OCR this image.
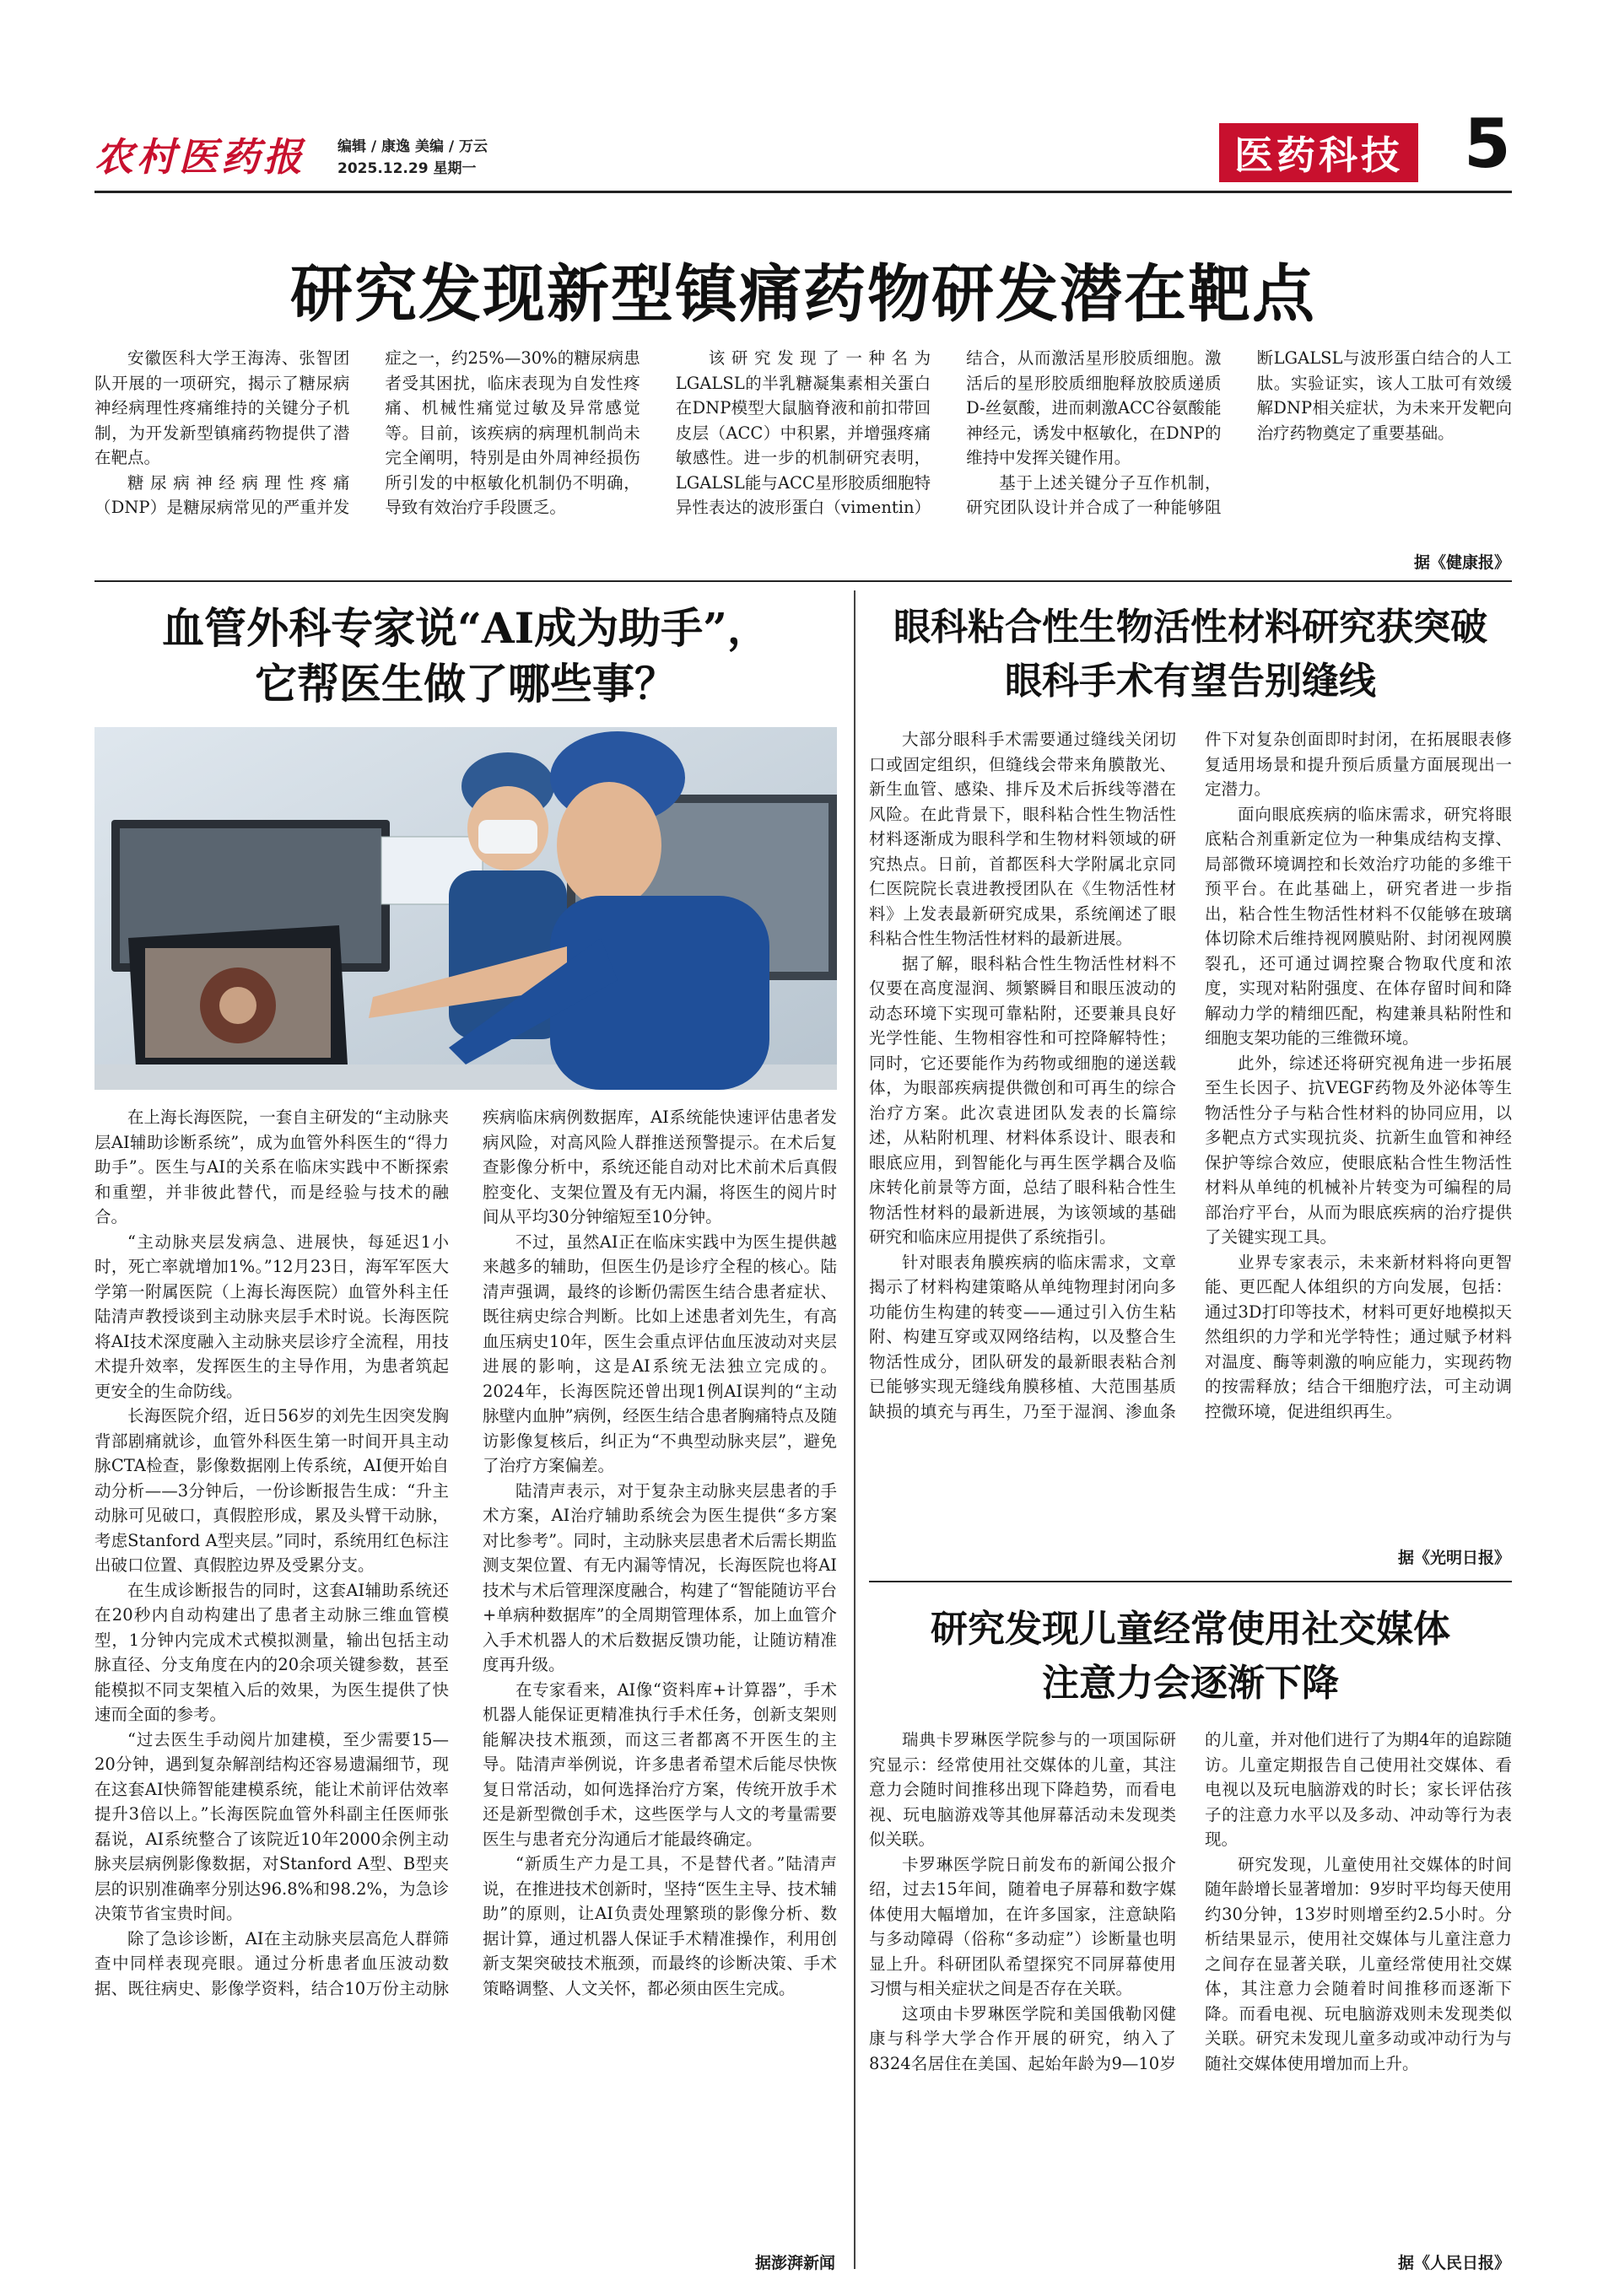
农村医药报 编辑 / 康逸 美编 / 万云
2025.12.29 星期一	医药科技 5
研究发现新型镇痛药物研发潜在靶点

安徽医科大学王海涛、张智团队开展的一项研究，揭示了糖尿病神经病理性疼痛维持的关键分子机制，为开发新型镇痛药物提供了潜在靶点。

糖尿病神经病理性疼痛（DNP）是糖尿病常见的严重并发症之一，约25%—30%的糖尿病患者受其困扰，临床表现为自发性疼痛、机械性痛觉过敏及异常感觉等。目前，该疾病的病理机制尚未完全阐明，特别是由外周神经损伤所引发的中枢敏化机制仍不明确，导致有效治疗手段匮乏。

该研究发现了一种名为LGALSL的半乳糖凝集素相关蛋白在DNP模型大鼠脑脊液和前扣带回皮层（ACC）中积累，并增强疼痛敏感性。进一步的机制研究表明，LGALSL能与ACC星形胶质细胞特异性表达的波形蛋白（vimentin）结合，从而激活星形胶质细胞。激活后的星形胶质细胞释放胶质递质D-丝氨酸，进而刺激ACC谷氨酸能神经元，诱发中枢敏化，在DNP的维持中发挥关键作用。

基于上述关键分子互作机制，研究团队设计并合成了一种能够阻断LGALSL与波形蛋白结合的人工肽。实验证实，该人工肽可有效缓解DNP相关症状，为未来开发靶向治疗药物奠定了重要基础。

据《健康报》
血管外科专家说“AI成为助手”，
它帮医生做了哪些事？

在上海长海医院，一套自主研发的“主动脉夹层AI辅助诊断系统”，成为血管外科医生的“得力助手”。医生与AI的关系在临床实践中不断探索和重塑，并非彼此替代，而是经验与技术的融合。

“主动脉夹层发病急、进展快，每延迟1小时，死亡率就增加1%。”12月23日，海军军医大学第一附属医院（上海长海医院）血管外科主任陆清声教授谈到主动脉夹层手术时说。长海医院将AI技术深度融入主动脉夹层诊疗全流程，用技术提升效率，发挥医生的主导作用，为患者筑起更安全的生命防线。

长海医院介绍，近日56岁的刘先生因突发胸背部剧痛就诊，血管外科医生第一时间开具主动脉CTA检查，影像数据刚上传系统，AI便开始自动分析——3分钟后，一份诊断报告生成：“升主动脉可见破口，真假腔形成，累及头臂干动脉，考虑Stanford A型夹层。”同时，系统用红色标注出破口位置、真假腔边界及受累分支。

在生成诊断报告的同时，这套AI辅助系统还在20秒内自动构建出了患者主动脉三维血管模型，1分钟内完成术式模拟测量，输出包括主动脉直径、分支角度在内的20余项关键参数，甚至能模拟不同支架植入后的效果，为医生提供了快速而全面的参考。

“过去医生手动阅片加建模，至少需要15—20分钟，遇到复杂解剖结构还容易遗漏细节，现在这套AI快筛智能建模系统，能让术前评估效率提升3倍以上。”长海医院血管外科副主任医师张磊说，AI系统整合了该院近10年2000余例主动脉夹层病例影像数据，对Stanford A型、B型夹层的识别准确率分别达96.8%和98.2%，为急诊决策节省宝贵时间。

除了急诊诊断，AI在主动脉夹层高危人群筛查中同样表现亮眼。通过分析患者血压波动数据、既往病史、影像学资料，结合10万份主动脉疾病临床病例数据库，AI系统能快速评估患者发病风险，对高风险人群推送预警提示。在术后复查影像分析中，系统还能自动对比术前术后真假腔变化、支架位置及有无内漏，将医生的阅片时间从平均30分钟缩短至10分钟。

不过，虽然AI正在临床实践中为医生提供越来越多的辅助，但医生仍是诊疗全程的核心。陆清声强调，最终的诊断仍需医生结合患者症状、既往病史综合判断。比如上述患者刘先生，有高血压病史10年，医生会重点评估血压波动对夹层进展的影响，这是AI系统无法独立完成的。2024年，长海医院还曾出现1例AI误判的“主动脉壁内血肿”病例，经医生结合患者胸痛特点及随访影像复核后，纠正为“不典型动脉夹层”，避免了治疗方案偏差。

陆清声表示，对于复杂主动脉夹层患者的手术方案，AI治疗辅助系统会为医生提供“多方案对比参考”。同时，主动脉夹层患者术后需长期监测支架位置、有无内漏等情况，长海医院也将AI技术与术后管理深度融合，构建了“智能随访平台+单病种数据库”的全周期管理体系，加上血管介入手术机器人的术后数据反馈功能，让随访精准度再升级。

在专家看来，AI像“资料库+计算器”，手术机器人能保证更精准执行手术任务，创新支架则能解决技术瓶颈，而这三者都离不开医生的主导。陆清声举例说，许多患者希望术后能尽快恢复日常活动，如何选择治疗方案，传统开放手术还是新型微创手术，这些医学与人文的考量需要医生与患者充分沟通后才能最终确定。

“新质生产力是工具，不是替代者。”陆清声说，在推进技术创新时，坚持“医生主导、技术辅助”的原则，让AI负责处理繁琐的影像分析、数据计算，通过机器人保证手术精准操作，利用创新支架突破技术瓶颈，而最终的诊断决策、手术策略调整、人文关怀，都必须由医生完成。

据澎湃新闻
眼科粘合性生物活性材料研究获突破
眼科手术有望告别缝线

大部分眼科手术需要通过缝线关闭切口或固定组织，但缝线会带来角膜散光、新生血管、感染、排斥及术后拆线等潜在风险。在此背景下，眼科粘合性生物活性材料逐渐成为眼科学和生物材料领域的研究热点。日前，首都医科大学附属北京同仁医院院长袁进教授团队在《生物活性材料》上发表最新研究成果，系统阐述了眼科粘合性生物活性材料的最新进展。

据了解，眼科粘合性生物活性材料不仅要在高度湿润、频繁瞬目和眼压波动的动态环境下实现可靠粘附，还要兼具良好光学性能、生物相容性和可控降解特性；同时，它还要能作为药物或细胞的递送载体，为眼部疾病提供微创和可再生的综合治疗方案。此次袁进团队发表的长篇综述，从粘附机理、材料体系设计、眼表和眼底应用，到智能化与再生医学耦合及临床转化前景等方面，总结了眼科粘合性生物活性材料的最新进展，为该领域的基础研究和临床应用提供了系统指引。

针对眼表角膜疾病的临床需求，文章揭示了材料构建策略从单纯物理封闭向多功能仿生构建的转变——通过引入仿生粘附、构建互穿或双网络结构，以及整合生物活性成分，团队研发的最新眼表粘合剂已能够实现无缝线角膜移植、大范围基质缺损的填充与再生，乃至于湿润、渗血条件下对复杂创面即时封闭，在拓展眼表修复适用场景和提升预后质量方面展现出一定潜力。

面向眼底疾病的临床需求，研究将眼底粘合剂重新定位为一种集成结构支撑、局部微环境调控和长效治疗功能的多维干预平台。在此基础上，研究者进一步指出，粘合性生物活性材料不仅能够在玻璃体切除术后维持视网膜贴附、封闭视网膜裂孔，还可通过调控聚合物取代度和浓度，实现对粘附强度、在体存留时间和降解动力学的精细匹配，构建兼具粘附性和细胞支架功能的三维微环境。

此外，综述还将研究视角进一步拓展至生长因子、抗VEGF药物及外泌体等生物活性分子与粘合性材料的协同应用，以多靶点方式实现抗炎、抗新生血管和神经保护等综合效应，使眼底粘合性生物活性材料从单纯的机械补片转变为可编程的局部治疗平台，从而为眼底疾病的治疗提供了关键实现工具。

业界专家表示，未来新材料将向更智能、更匹配人体组织的方向发展，包括：通过3D打印等技术，材料可更好地模拟天然组织的力学和光学特性；通过赋予材料对温度、酶等刺激的响应能力，实现药物的按需释放；结合干细胞疗法，可主动调控微环境，促进组织再生。

据《光明日报》
研究发现儿童经常使用社交媒体
注意力会逐渐下降

瑞典卡罗琳医学院参与的一项国际研究显示：经常使用社交媒体的儿童，其注意力会随时间推移出现下降趋势，而看电视、玩电脑游戏等其他屏幕活动未发现类似关联。

卡罗琳医学院日前发布的新闻公报介绍，过去15年间，随着电子屏幕和数字媒体使用大幅增加，在许多国家，注意缺陷与多动障碍（俗称“多动症”）诊断量也明显上升。科研团队希望探究不同屏幕使用习惯与相关症状之间是否存在关联。

这项由卡罗琳医学院和美国俄勒冈健康与科学大学合作开展的研究，纳入了8324名居住在美国、起始年龄为9—10岁的儿童，并对他们进行了为期4年的追踪随访。儿童定期报告自己使用社交媒体、看电视以及玩电脑游戏的时长；家长评估孩子的注意力水平以及多动、冲动等行为表现。

研究发现，儿童使用社交媒体的时间随年龄增长显著增加：9岁时平均每天使用约30分钟，13岁时则增至约2.5小时。分析结果显示，使用社交媒体与儿童注意力之间存在显著关联，儿童经常使用社交媒体，其注意力会随着时间推移而逐渐下降。而看电视、玩电脑游戏则未发现类似关联。研究未发现儿童多动或冲动行为与随社交媒体使用增加而上升。

据《人民日报》
